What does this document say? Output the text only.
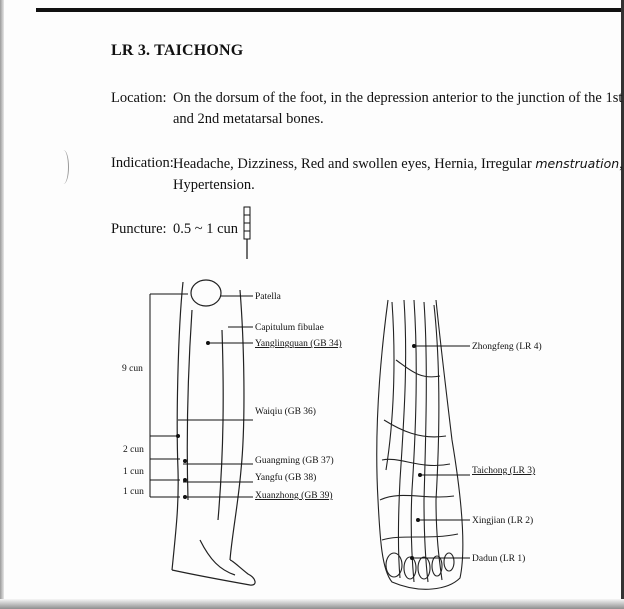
LR 3. TAICHONG
Location: On the dorsum of the foot, in the depression anterior to the junction of the 1st and 2nd metatarsal bones.
Indication: Headache, Dizziness, Red and swollen eyes, Hernia, Irregular menstruation, Hypertension.
Puncture: 0.5 ~ 1 cun
Patella
Capitulum fibulae
Yanglingquan (GB 34)
Waiqiu (GB 36)
Guangming (GB 37)
Yangfu (GB 38)
Xuanzhong (GB 39)
9 cun
2 cun
1 cun
1 cun
Zhongfeng (LR 4)
Taichong (LR 3)
Xingjian (LR 2)
Dadun (LR 1)
